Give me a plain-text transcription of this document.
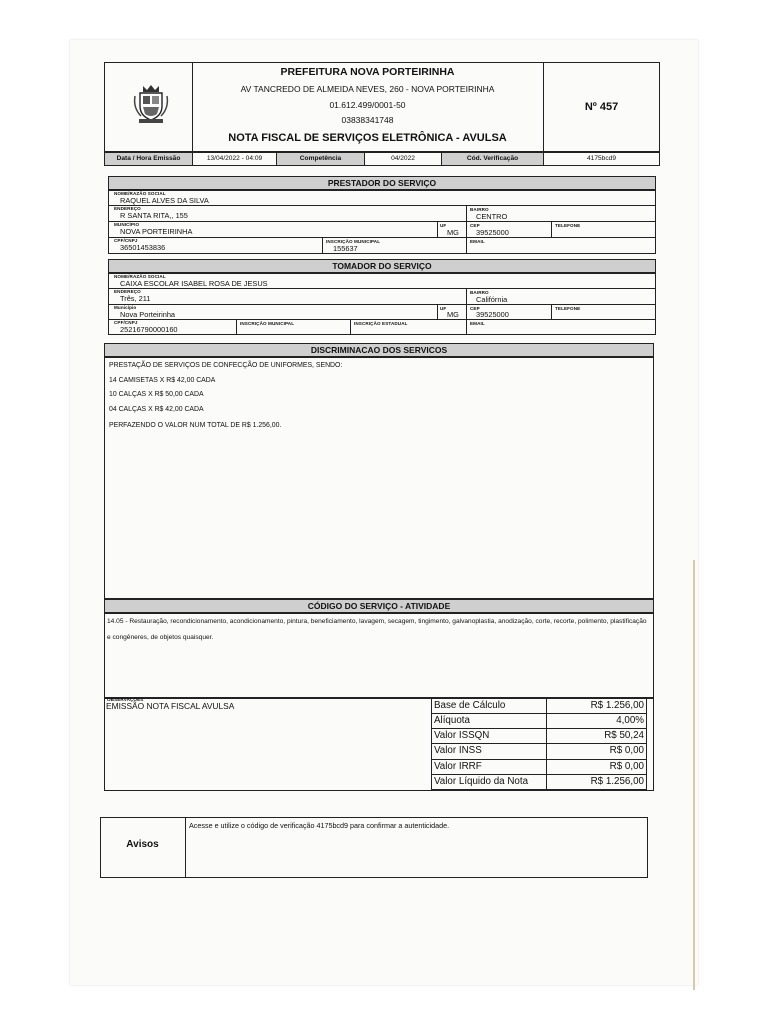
PREFEITURA NOVA PORTEIRINHA
AV TANCREDO DE ALMEIDA NEVES, 260 - NOVA PORTEIRINHA
01.612.499/0001-50
03838341748
NOTA FISCAL DE SERVIÇOS ELETRÔNICA - AVULSA
Nº 457
Data / Hora Emissão	13/04/2022 - 04:09	Competência	04/2022	Cód. Verificação	4175bcd9
PRESTADOR DO SERVIÇO
NOME/RAZÃO SOCIAL
RAQUEL ALVES DA SILVA
ENDEREÇO
R SANTA RITA,, 155
BAIRRO
CENTRO
MUNICÍPIO
NOVA PORTEIRINHA
UF
MG
CEP
39525000
TELEFONE
CPF/CNPJ
36501453836
INSCRIÇÃO MUNICIPAL
155637
EMAIL
TOMADOR DO SERVIÇO
NOME/RAZÃO SOCIAL
CAIXA ESCOLAR ISABEL ROSA DE JESUS
ENDEREÇO
Três, 211
BAIRRO
Califórnia
Município
Nova Porteirinha
UF
MG
CEP
39525000
TELEFONE
CPF/CNPJ
25216790000160
INSCRIÇÃO MUNICIPAL	INSCRIÇÃO ESTADUAL	EMAIL
DISCRIMINACAO DOS SERVICOS
PRESTAÇÃO DE SERVIÇOS DE CONFECÇÃO DE UNIFORMES, SENDO:
14 CAMISETAS X R$ 42,00 CADA
10 CALÇAS X R$ 50,00 CADA
04 CALÇAS X R$ 42,00 CADA
PERFAZENDO O VALOR NUM TOTAL DE R$ 1.256,00.
CÓDIGO DO SERVIÇO - ATIVIDADE
14.05 - Restauração, recondicionamento, acondicionamento, pintura, beneficiamento, lavagem, secagem, tingimento, galvanoplastia, anodização, corte, recorte, polimento, plastificação e congêneres, de objetos quaisquer.
OBSERVAÇÕES
EMISSÃO NOTA FISCAL AVULSA	Base de Cálculo	R$ 1.256,00
Alíquota	4,00%
Valor ISSQN	R$ 50,24
Valor INSS	R$ 0,00
Valor IRRF	R$ 0,00
Valor Líquido da Nota	R$ 1.256,00
Avisos
Acesse e utilize o código de verificação 4175bcd9 para confirmar a autenticidade.
